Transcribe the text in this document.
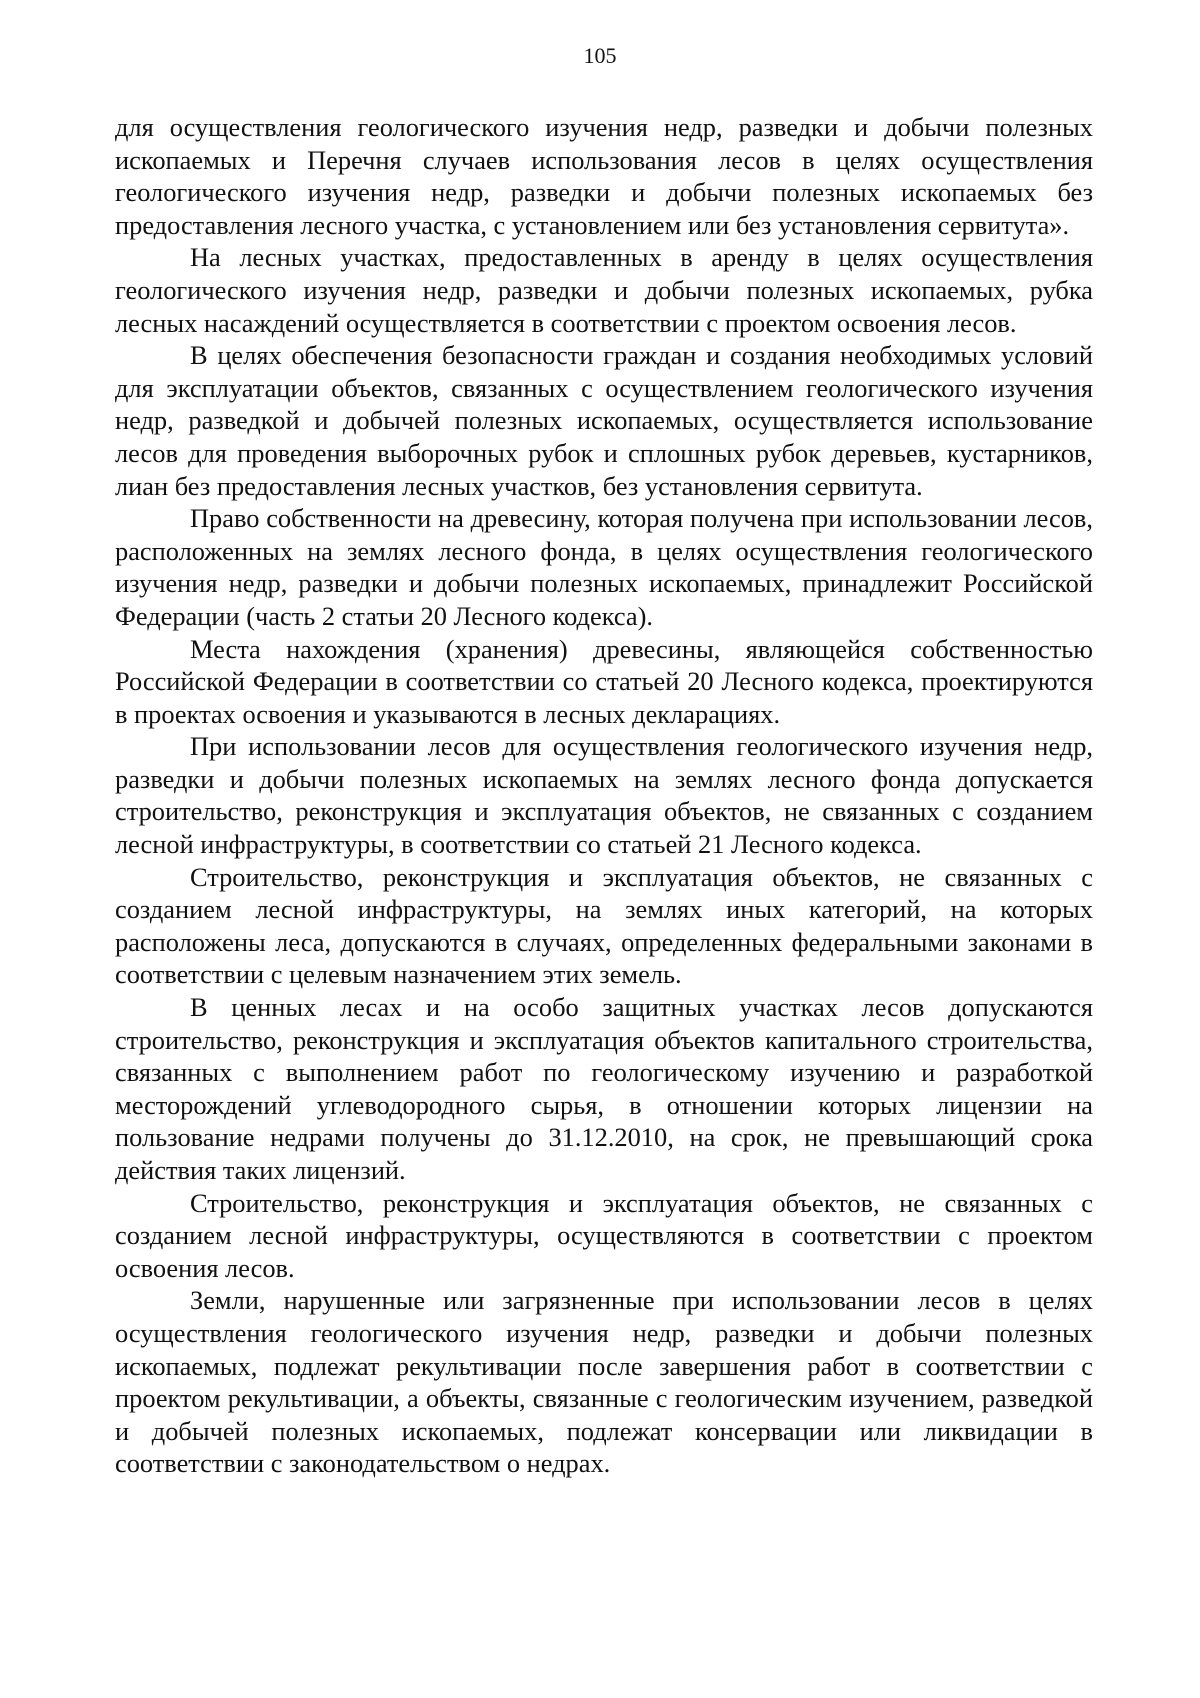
105

для осуществления геологического изучения недр, разведки и добычи полезных ископаемых и Перечня случаев использования лесов в целях осуществления геологического изучения недр, разведки и добычи полезных ископаемых без предоставления лесного участка, с установлением или без установления сервитута».

На лесных участках, предоставленных в аренду в целях осуществления геологического изучения недр, разведки и добычи полезных ископаемых, рубка лесных насаждений осуществляется в соответствии с проектом освоения лесов.

В целях обеспечения безопасности граждан и создания необходимых условий для эксплуатации объектов, связанных с осуществлением геологического изучения недр, разведкой и добычей полезных ископаемых, осуществляется использование лесов для проведения выборочных рубок и сплошных рубок деревьев, кустарников, лиан без предоставления лесных участков, без установления сервитута.

Право собственности на древесину, которая получена при использовании лесов, расположенных на землях лесного фонда, в целях осуществления геологического изучения недр, разведки и добычи полезных ископаемых, принадлежит Российской Федерации (часть 2 статьи 20 Лесного кодекса).

Места нахождения (хранения) древесины, являющейся собственностью Российской Федерации в соответствии со статьей 20 Лесного кодекса, проектируются в проектах освоения и указываются в лесных декларациях.

При использовании лесов для осуществления геологического изучения недр, разведки и добычи полезных ископаемых на землях лесного фонда допускается строительство, реконструкция и эксплуатация объектов, не связанных с созданием лесной инфраструктуры, в соответствии со статьей 21 Лесного кодекса.

Строительство, реконструкция и эксплуатация объектов, не связанных с созданием лесной инфраструктуры, на землях иных категорий, на которых расположены леса, допускаются в случаях, определенных федеральными законами в соответствии с целевым назначением этих земель.

В ценных лесах и на особо защитных участках лесов допускаются строительство, реконструкция и эксплуатация объектов капитального строительства, связанных с выполнением работ по геологическому изучению и разработкой месторождений углеводородного сырья, в отношении которых лицензии на пользование недрами получены до 31.12.2010, на срок, не превышающий срока действия таких лицензий.

Строительство, реконструкция и эксплуатация объектов, не связанных с созданием лесной инфраструктуры, осуществляются в соответствии с проектом освоения лесов.

Земли, нарушенные или загрязненные при использовании лесов в целях осуществления геологического изучения недр, разведки и добычи полезных ископаемых, подлежат рекультивации после завершения работ в соответствии с проектом рекультивации, а объекты, связанные с геологическим изучением, разведкой и добычей полезных ископаемых, подлежат консервации или ликвидации в соответствии с законодательством о недрах.
